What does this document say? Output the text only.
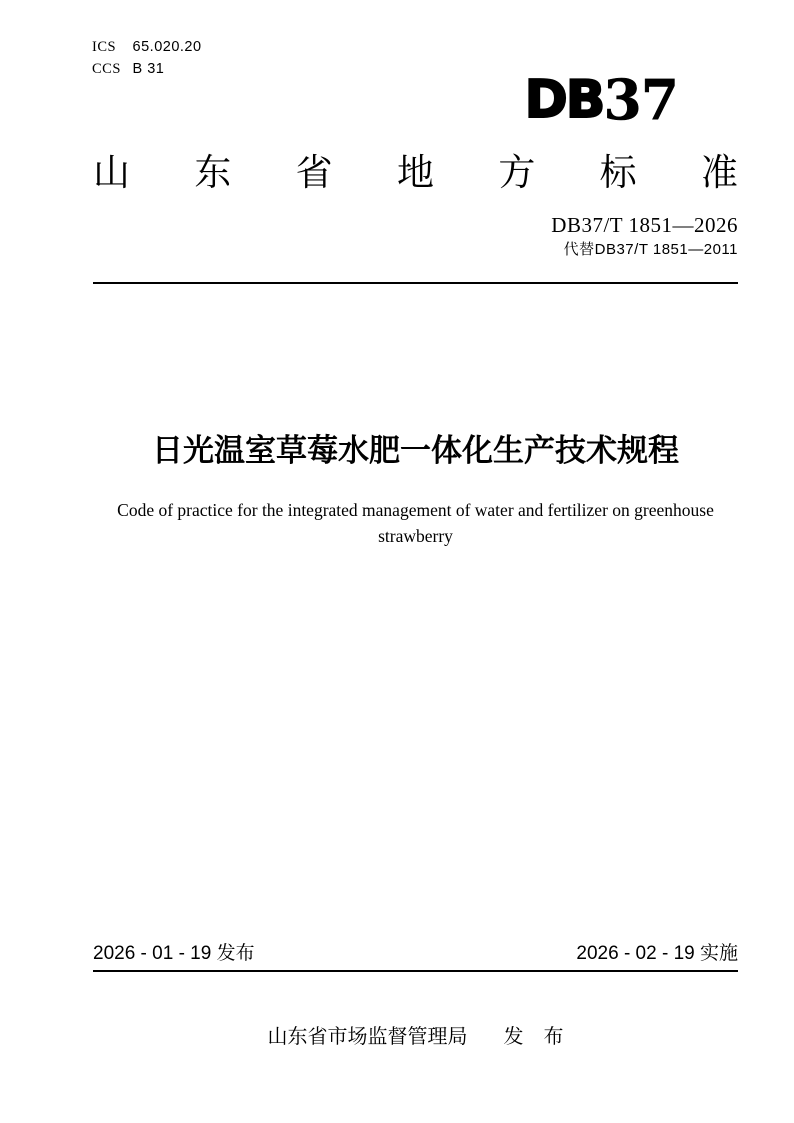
ICS 65.020.20
CCS B 31
DB 37
山东省地方标准
DB37/T 1851—2026
代替DB37/T 1851—2011
日光温室草莓水肥一体化生产技术规程
Code of practice for the integrated management of water and fertilizer on greenhouse
strawberry
2026 - 01 - 19 发布	2026 - 02 - 19 实施
山东省市场监督管理局 发　布
